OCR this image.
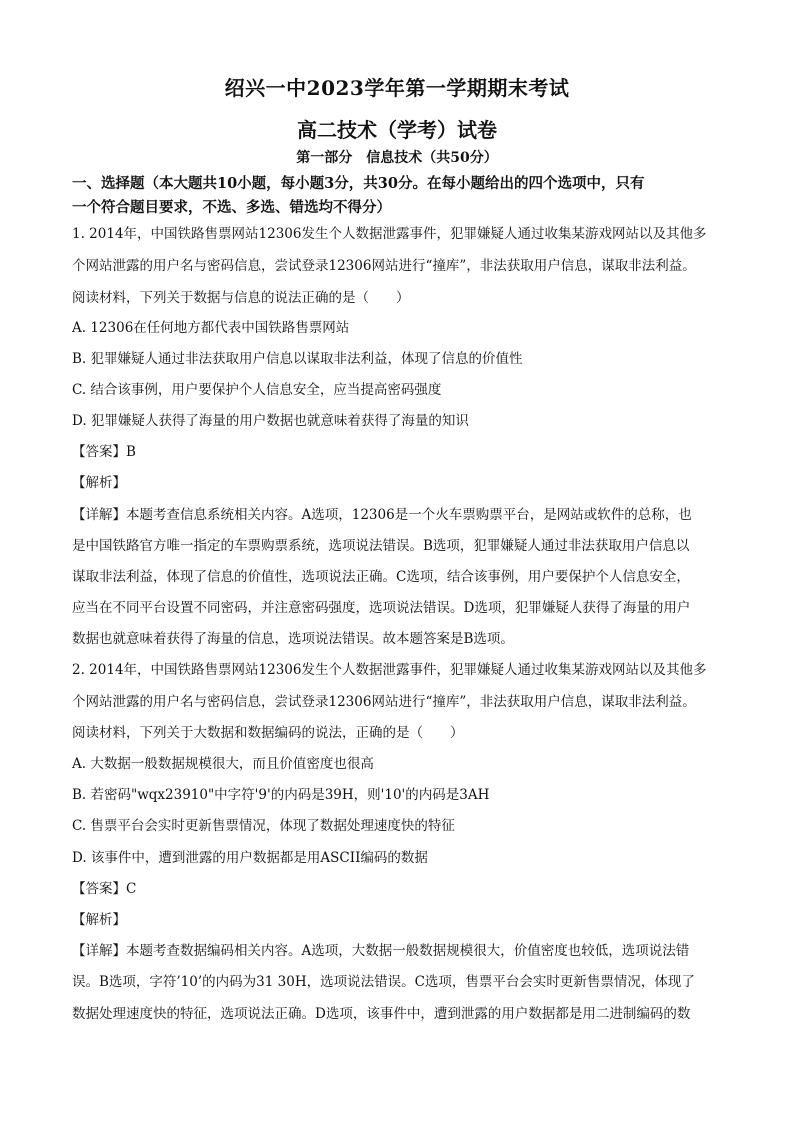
绍兴一中2023学年第一学期期末考试
高二技术（学考）试卷
第一部分　信息技术（共50分）
一、选择题（本大题共10小题，每小题3分，共30分。在每小题给出的四个选项中，只有
一个符合题目要求，不选、多选、错选均不得分）
1. 2014年，中国铁路售票网站12306发生个人数据泄露事件，犯罪嫌疑人通过收集某游戏网站以及其他多
个网站泄露的用户名与密码信息，尝试登录12306网站进行“撞库”，非法获取用户信息，谋取非法利益。
阅读材料，下列关于数据与信息的说法正确的是（　　）
A. 12306在任何地方都代表中国铁路售票网站
B. 犯罪嫌疑人通过非法获取用户信息以谋取非法利益，体现了信息的价值性
C. 结合该事例，用户要保护个人信息安全，应当提高密码强度
D. 犯罪嫌疑人获得了海量的用户数据也就意味着获得了海量的知识
【答案】B
【解析】
【详解】本题考查信息系统相关内容。A选项，12306是一个火车票购票平台，是网站或软件的总称，也
是中国铁路官方唯一指定的车票购票系统，选项说法错误。B选项，犯罪嫌疑人通过非法获取用户信息以
谋取非法利益，体现了信息的价值性，选项说法正确。C选项，结合该事例，用户要保护个人信息安全，
应当在不同平台设置不同密码，并注意密码强度，选项说法错误。D选项，犯罪嫌疑人获得了海量的用户
数据也就意味着获得了海量的信息，选项说法错误。故本题答案是B选项。
2. 2014年，中国铁路售票网站12306发生个人数据泄露事件，犯罪嫌疑人通过收集某游戏网站以及其他多
个网站泄露的用户名与密码信息，尝试登录12306网站进行“撞库”，非法获取用户信息，谋取非法利益。
阅读材料，下列关于大数据和数据编码的说法，正确的是（　　）
A. 大数据一般数据规模很大，而且价值密度也很高
B. 若密码"wqx23910"中字符'9'的内码是39H，则'10'的内码是3AH
C. 售票平台会实时更新售票情况，体现了数据处理速度快的特征
D. 该事件中，遭到泄露的用户数据都是用ASCII编码的数据
【答案】C
【解析】
【详解】本题考查数据编码相关内容。A选项，大数据一般数据规模很大，价值密度也较低，选项说法错
误。B选项，字符’10’的内码为31 30H，选项说法错误。C选项，售票平台会实时更新售票情况，体现了
数据处理速度快的特征，选项说法正确。D选项，该事件中，遭到泄露的用户数据都是用二进制编码的数
